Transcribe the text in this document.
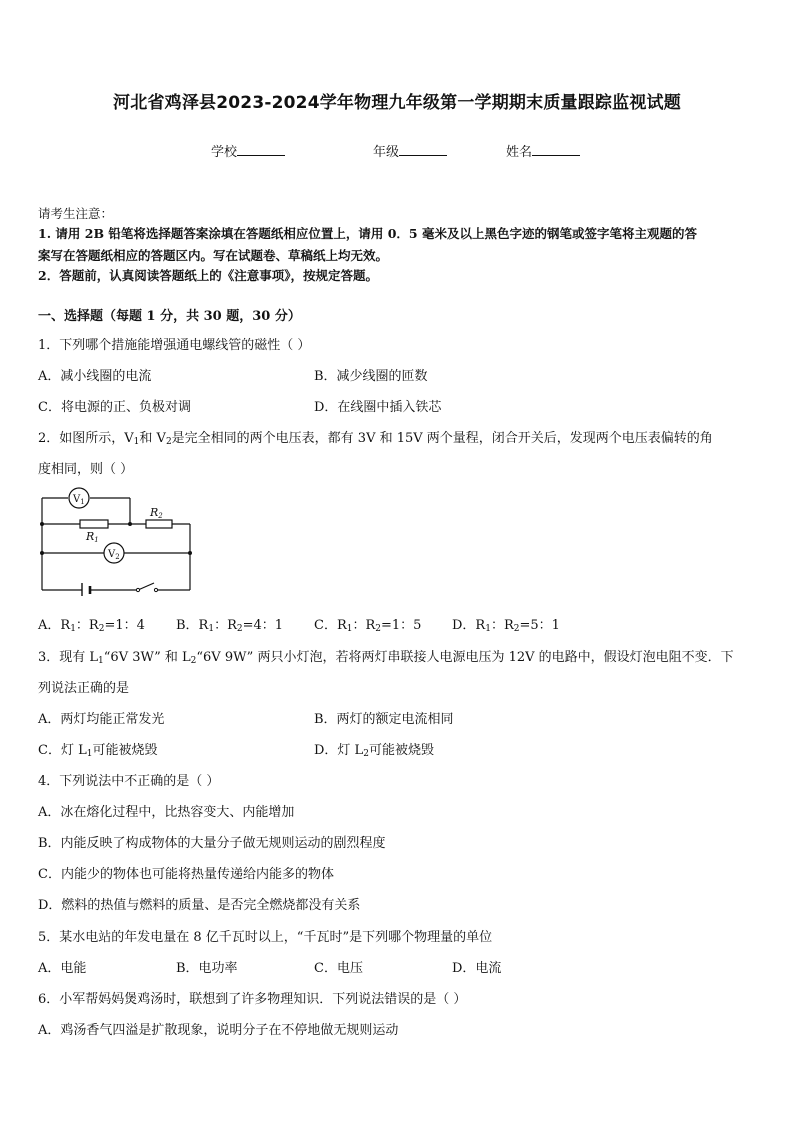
河北省鸡泽县2023-2024学年物理九年级第一学期期末质量跟踪监视试题
学校	年级	姓名
请考生注意：
1. 请用 2B 铅笔将选择题答案涂填在答题纸相应位置上，请用 0．5 毫米及以上黑色字迹的钢笔或签字笔将主观题的答
案写在答题纸相应的答题区内。写在试题卷、草稿纸上均无效。
2．答题前，认真阅读答题纸上的《注意事项》，按规定答题。
一、选择题（每题 1 分，共 30 题，30 分）
1．下列哪个措施能增强通电螺线管的磁性（ ）
A．减小线圈的电流	B．减少线圈的匝数
C．将电源的正、负极对调	D．在线圈中插入铁芯
2．如图所示，$V_1$和 $V_2$是完全相同的两个电压表，都有 3V 和 15V 两个量程，闭合开关后，发现两个电压表偏转的角
度相同，则（ ）
$V_1$
$V_2$
R1
R2
A．$R_1$：$R_2=1$：4 B．$R_1$：$R_2=4$：1 C．$R_1$：$R_2=1$：5 D．$R_1$：$R_2=5$：1
3．现有 $L_1“6V$ 3W” 和 $L_2“6V$ 9W” 两只小灯泡，若将两灯串联接人电源电压为 12V 的电路中，假设灯泡电阻不变．下
列说法正确的是
A．两灯均能正常发光	B．两灯的额定电流相同
C．灯 $L_1$可能被烧毁	D．灯 $L_2$可能被烧毁
4．下列说法中不正确的是（ ）
A．冰在熔化过程中，比热容变大、内能增加
B．内能反映了构成物体的大量分子做无规则运动的剧烈程度
C．内能少的物体也可能将热量传递给内能多的物体
D．燃料的热值与燃料的质量、是否完全燃烧都没有关系
5．某水电站的年发电量在 8 亿千瓦时以上，“千瓦时”是下列哪个物理量的单位
A．电能	B．电功率	C．电压	D．电流
6．小军帮妈妈煲鸡汤时，联想到了许多物理知识．下列说法错误的是（ ）
A．鸡汤香气四溢是扩散现象，说明分子在不停地做无规则运动
